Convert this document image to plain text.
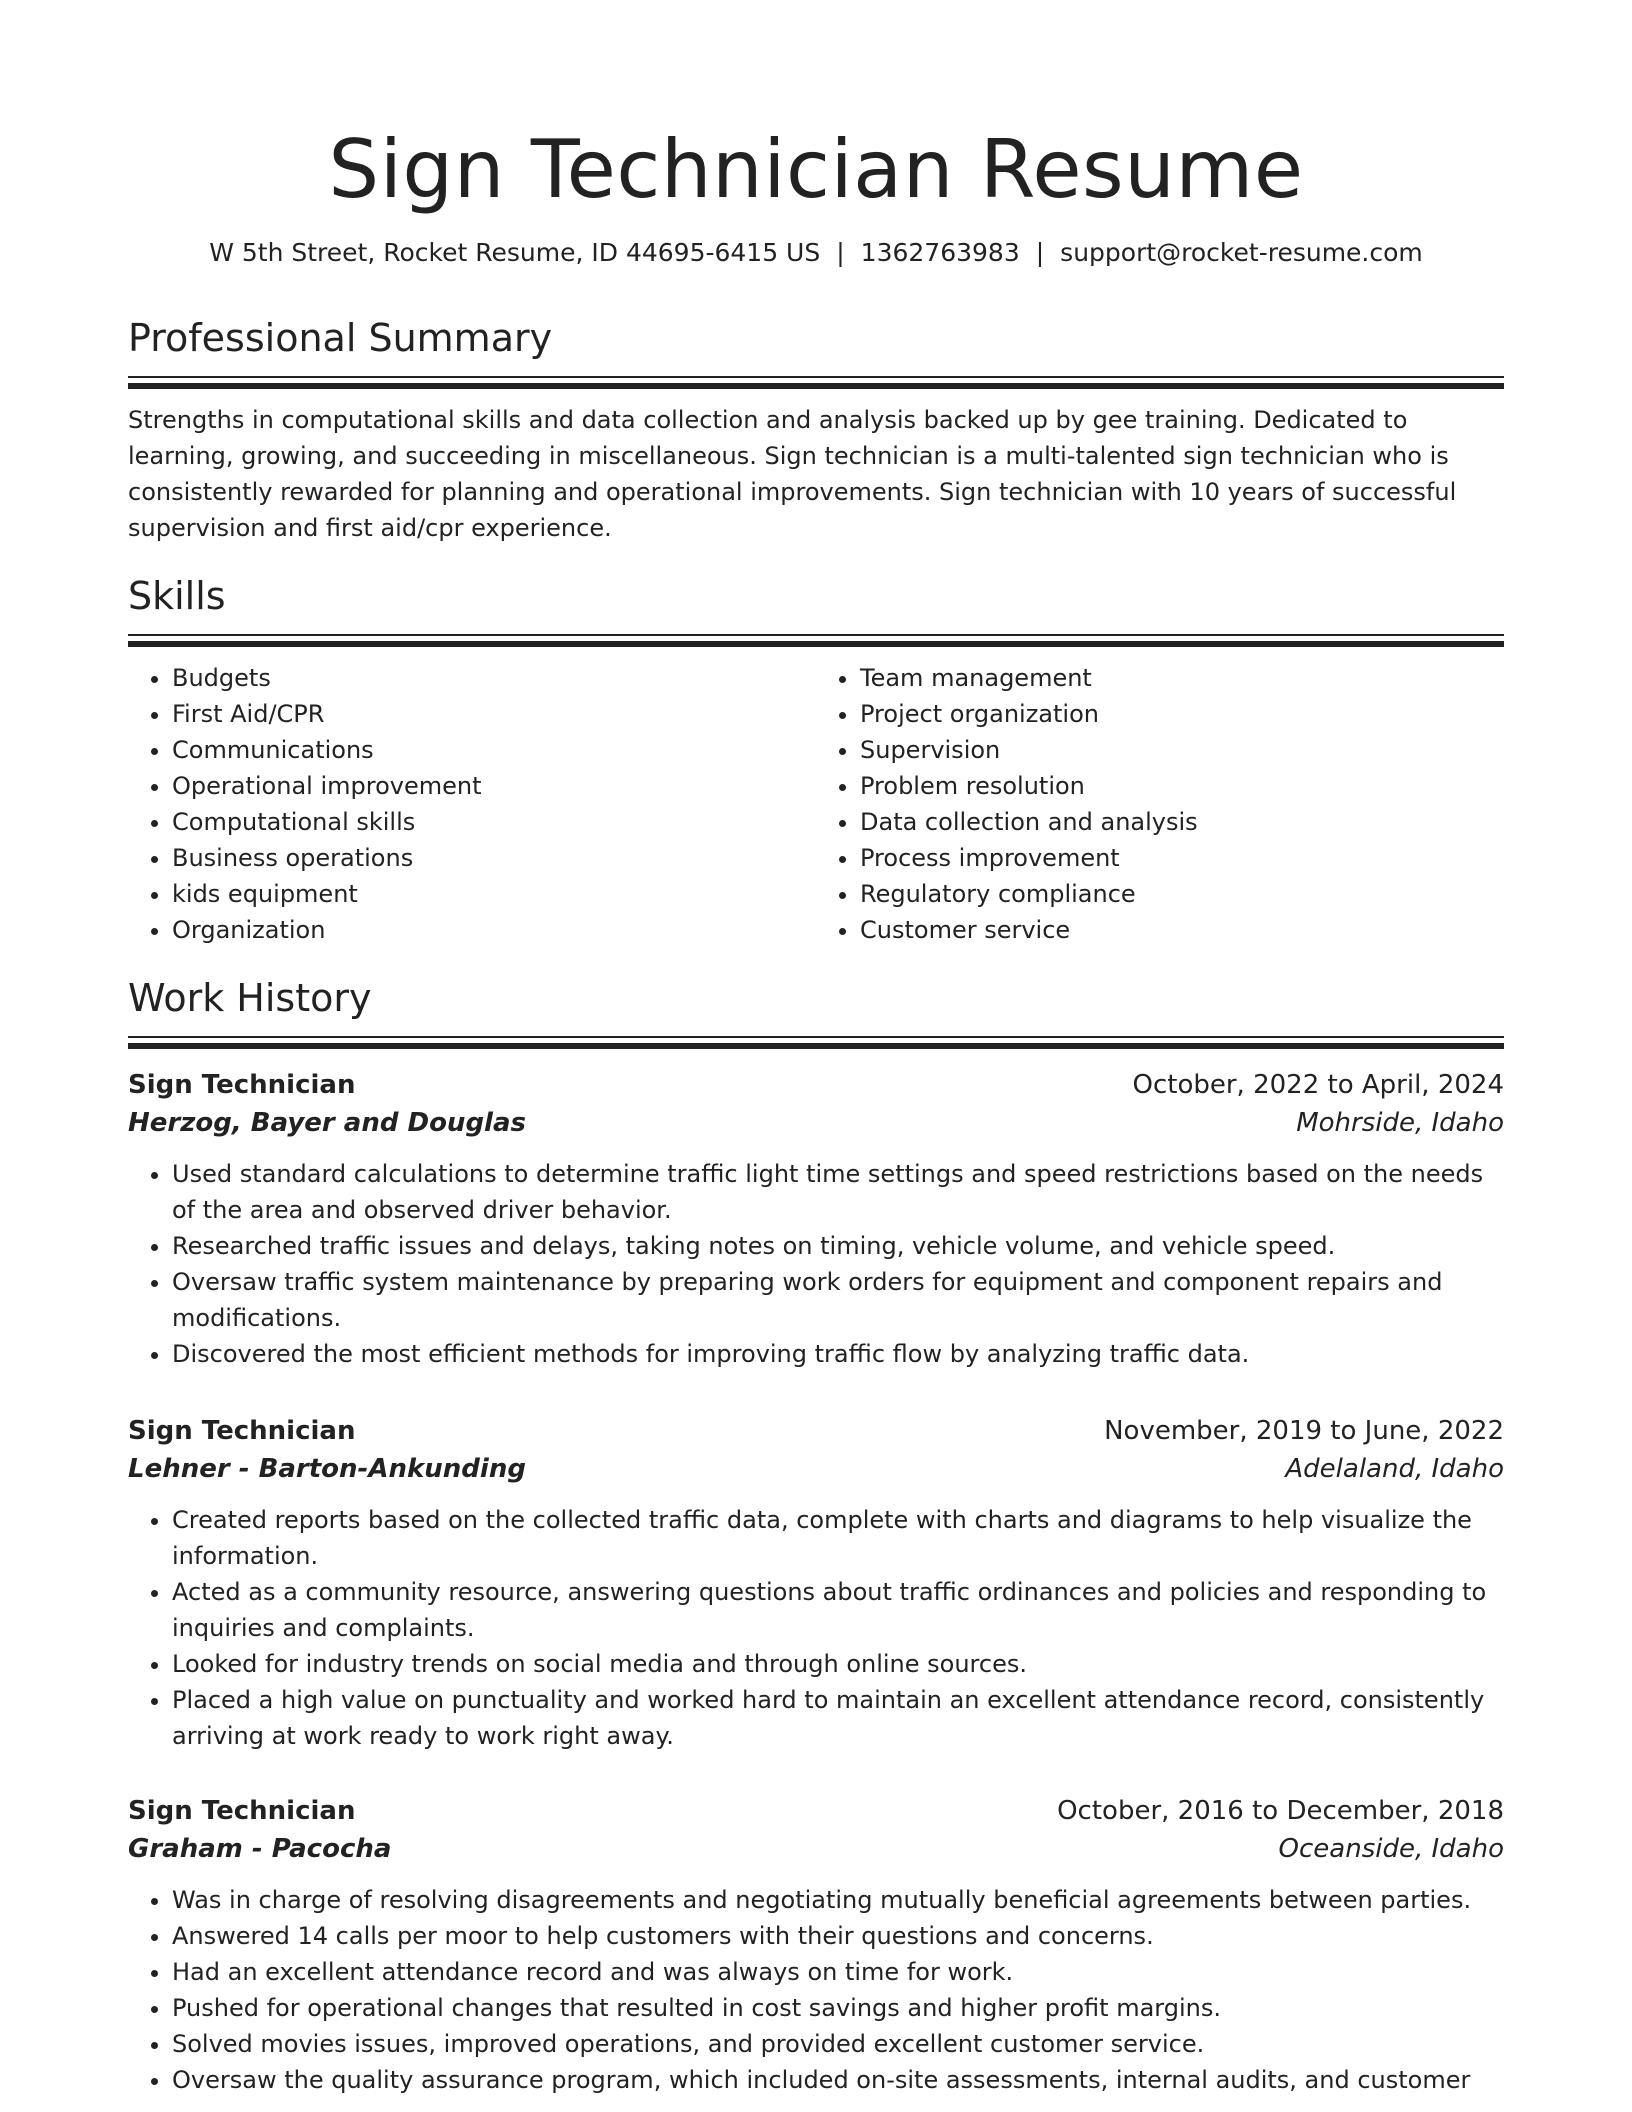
Sign Technician Resume
W 5th Street, Rocket Resume, ID 44695-6415 US | 1362763983 | support@rocket-resume.com
Professional Summary
Strengths in computational skills and data collection and analysis backed up by gee training. Dedicated to learning, growing, and succeeding in miscellaneous. Sign technician is a multi-talented sign technician who is consistently rewarded for planning and operational improvements. Sign technician with 10 years of successful supervision and first aid/cpr experience.
Skills
• Budgets
• First Aid/CPR
• Communications
• Operational improvement
• Computational skills
• Business operations
• kids equipment
• Organization
• Team management
• Project organization
• Supervision
• Problem resolution
• Data collection and analysis
• Process improvement
• Regulatory compliance
• Customer service
Work History
Sign Technician	October, 2022 to April, 2024
Herzog, Bayer and Douglas	Mohrside, Idaho
• Used standard calculations to determine traffic light time settings and speed restrictions based on the needs of the area and observed driver behavior.
• Researched traffic issues and delays, taking notes on timing, vehicle volume, and vehicle speed.
• Oversaw traffic system maintenance by preparing work orders for equipment and component repairs and modifications.
• Discovered the most efficient methods for improving traffic flow by analyzing traffic data.
Sign Technician	November, 2019 to June, 2022
Lehner - Barton-Ankunding	Adelaland, Idaho
• Created reports based on the collected traffic data, complete with charts and diagrams to help visualize the information.
• Acted as a community resource, answering questions about traffic ordinances and policies and responding to inquiries and complaints.
• Looked for industry trends on social media and through online sources.
• Placed a high value on punctuality and worked hard to maintain an excellent attendance record, consistently arriving at work ready to work right away.
Sign Technician	October, 2016 to December, 2018
Graham - Pacocha	Oceanside, Idaho
• Was in charge of resolving disagreements and negotiating mutually beneficial agreements between parties.
• Answered 14 calls per moor to help customers with their questions and concerns.
• Had an excellent attendance record and was always on time for work.
• Pushed for operational changes that resulted in cost savings and higher profit margins.
• Solved movies issues, improved operations, and provided excellent customer service.
• Oversaw the quality assurance program, which included on-site assessments, internal audits, and customer
